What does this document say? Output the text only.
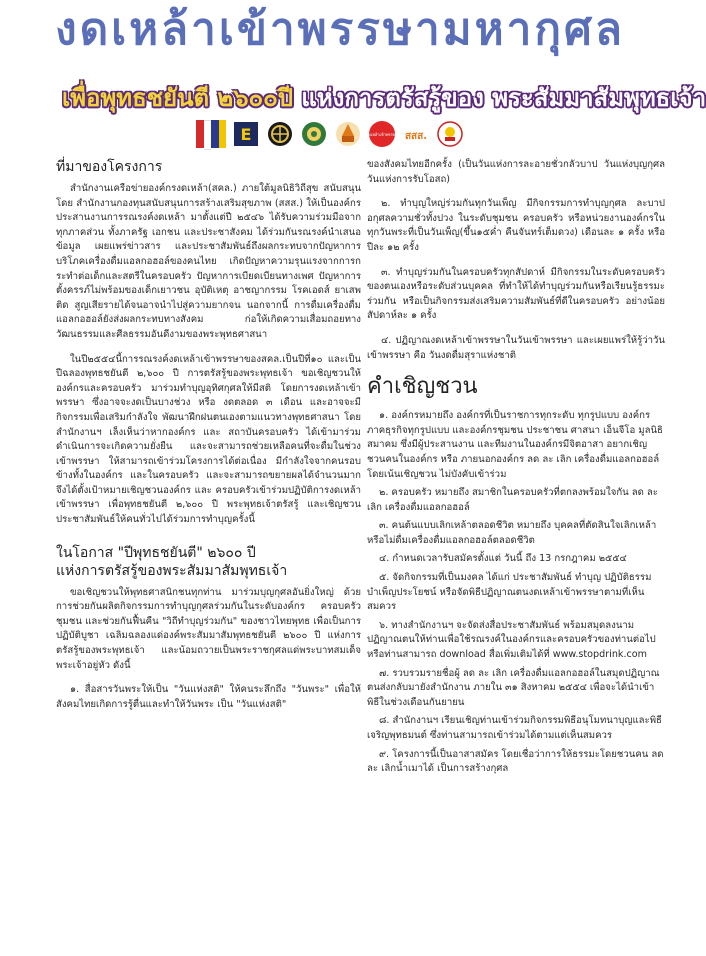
งดเหล้าเข้าพรรษามหากุศล
เพื่อพุทธชยันตี ๒๖๐๐ปี แห่งการตรัสรู้ของ พระสัมมาสัมพุทธเจ้า
E	งดเหล้าเข้าพรรษา สสส.
ที่มาของโครงการ

สำนักงานเครือข่ายองค์กรงดเหล้า(สคล.) ภายใต้มูลนิธิวิถีสุข สนับสนุนโดย สำนักงานกองทุนสนับสนุนการสร้างเสริมสุขภาพ (สสส.) ให้เป็นองค์กรประสานงานการรณรงค์งดเหล้า มาตั้งแต่ปี ๒๕๔๖ ได้รับความร่วมมือจากทุกภาคส่วน ทั้งภาครัฐ เอกชน และประชาสังคม ได้ร่วมกันรณรงค์นำเสนอข้อมูล เผยแพร่ข่าวสาร และประชาสัมพันธ์ถึงผลกระทบจากปัญหาการบริโภคเครื่องดื่มแอลกอฮอล์ของคนไทย เกิดปัญหาความรุนแรงจากการกระทำต่อเด็กและสตรีในครอบครัว ปัญหาการเบียดเบียนทางเพศ ปัญหาการตั้งครรภ์ไม่พร้อมของเด็กเยาวชน อุบัติเหตุ อาชญากรรม โรคเอดส์ ยาเสพติด สูญเสียรายได้จนอาจนำไปสู่ความยากจน นอกจากนี้ การดื่มเครื่องดื่มแอลกอฮอล์ยังส่งผลกระทบทางสังคม ก่อให้เกิดความเสื่อมถอยทางวัฒนธรรมและศีลธรรมอันดีงามของพระพุทธศาสนา

ในปี๒๕๕๔นี้การรณรงค์งดเหล้าเข้าพรรษาของสคล.เป็นปีที่๑๐ และเป็นปีฉลองพุทธชยันตี ๒,๖๐๐ ปี การตรัสรู้ของพระพุทธเจ้า ขอเชิญชวนให้องค์กรและครอบครัว มาร่วมทำบุญอุทิศกุศลให้มีสติ โดยการงดเหล้าเข้าพรรษา ซึ่งอาจจะงดเป็นบางช่วง หรือ งดตลอด ๓ เดือน และอาจจะมีกิจกรรมเพื่อเสริมกำลังใจ พัฒนาฝึกฝนตนเองตามแนวทางพุทธศาสนา โดยสำนักงานฯ เล็งเห็นว่าหากองค์กร และ สถาบันครอบครัว ได้เข้ามาร่วมดำเนินการจะเกิดความยั่งยืน และจะสามารถช่วยเหลือคนที่จะดื่มในช่วงเข้าพรรษา ให้สามารถเข้าร่วมโครงการได้ต่อเนื่อง มีกำลังใจจากคนรอบข้างทั้งในองค์กร และในครอบครัว และจะสามารถขยายผลได้จำนวนมาก จึงได้ตั้งเป้าหมายเชิญชวนองค์กร และ ครอบครัวเข้าร่วมปฏิบัติการงดเหล้าเข้าพรรษา เพื่อพุทธชยันตี ๒,๖๐๐ ปี พระพุทธเจ้าตรัสรู้ และเชิญชวนประชาสัมพันธ์ให้คนทั่วไปได้ร่วมการทำบุญครั้งนี้

ในโอกาส "ปีพุทธชยันตี" ๒๖๐๐ ปี
แห่งการตรัสรู้ของพระสัมมาสัมพุทธเจ้า

ขอเชิญชวนให้พุทธศาสนิกชนทุกท่าน มาร่วมบุญกุศลอันยิ่งใหญ่ ด้วยการช่วยกันผลิตกิจกรรมการทำบุญกุศลร่วมกันในระดับองค์กร ครอบครัว ชุมชน และช่วยกันฟื้นคืน "วิถีทำบุญร่วมกัน" ของชาวไทยพุทธ เพื่อเป็นการปฏิบัติบูชา เฉลิมฉลองแด่องค์พระสัมมาสัมพุทธชยันตี ๒๖๐๐ ปี แห่งการตรัสรู้ของพระพุทธเจ้า และน้อมถวายเป็นพระราชกุศลแด่พระบาทสมเด็จพระเจ้าอยู่หัว ดังนี้

๑. สื่อสารวันพระให้เป็น "วันแห่งสติ" ให้คนระลึกถึง "วันพระ" เพื่อให้สังคมไทยเกิดการรู้ตื่นและทำให้วันพระ เป็น "วันแห่งสติ"

ของสังคมไทยอีกครั้ง (เป็นวันแห่งการละอายชั่วกลัวบาป วันแห่งบุญกุศล วันแห่งการรับโอสถ)

๒. ทำบุญใหญ่ร่วมกันทุกวันเพ็ญ มีกิจกรรมการทำบุญกุศล ละบาป อกุศลความชั่วทั้งปวง ในระดับชุมชน ครอบครัว หรือหน่วยงานองค์กรในทุกวันพระที่เป็นวันเพ็ญ(ขึ้น๑๕ค่ำ คืนจันทร์เต็มดวง) เดือนละ ๑ ครั้ง หรือปีละ ๑๒ ครั้ง

๓. ทำบุญร่วมกันในครอบครัวทุกสัปดาห์ มีกิจกรรมในระดับครอบครัวของตนเองหรือระดับส่วนบุคคล ที่ทำให้ได้ทำบุญร่วมกันหรือเรียนรู้ธรรมะร่วมกัน หรือเป็นกิจกรรมส่งเสริมความสัมพันธ์ที่ดีในครอบครัว อย่างน้อยสัปดาห์ละ ๑ ครั้ง

๔. ปฏิญาณงดเหล้าเข้าพรรษาในวันเข้าพรรษา และเผยแพร่ให้รู้ว่าวันเข้าพรรษา คือ วันงดดื่มสุราแห่งชาติ

คำเชิญชวน

๑. องค์กรหมายถึง องค์กรที่เป็นราชการทุกระดับ ทุกรูปแบบ องค์กรภาคธุรกิจทุกรูปแบบ และองค์กรชุมชน ประชาชน ศาสนา เอ็นจีโอ มูลนิธิ สมาคม ซึ่งมีผู้ประสานงาน และทีมงานในองค์กรมีจิตอาสา อยากเชิญชวนคนในองค์กร หรือ ภายนอกองค์กร ลด ละ เลิก เครื่องดื่มแอลกอฮอล์โดยเน้นเชิญชวน ไม่บังคับเข้าร่วม

๒. ครอบครัว หมายถึง สมาชิกในครอบครัวที่ตกลงพร้อมใจกัน ลด ละ เลิก เครื่องดื่มแอลกอฮอล์

๓. คนต้นแบบเลิกเหล้าตลอดชีวิต หมายถึง บุคคลที่ตัดสินใจเลิกเหล้าหรือไม่ดื่มเครื่องดื่มแอลกอฮอล์ตลอดชีวิต

๔. กำหนดเวลารับสมัครตั้งแต่ วันนี้ ถึง 13 กรกฎาคม ๒๕๕๔

๕. จัดกิจกรรมที่เป็นมงคล ได้แก่ ประชาสัมพันธ์ ทำบุญ ปฏิบัติธรรม บำเพ็ญประโยชน์ หรือจัดพิธีปฏิญาณตนงดเหล้าเข้าพรรษาตามที่เห็นสมควร

๖. ทางสำนักงานฯ จะจัดส่งสื่อประชาสัมพันธ์ พร้อมสมุดลงนามปฏิญาณตนให้ท่านเพื่อใช้รณรงค์ในองค์กรและครอบครัวของท่านต่อไปหรือท่านสามารถ download สื่อเพิ่มเติมได้ที่ www.stopdrink.com

๗. รวบรวมรายชื่อผู้ ลด ละ เลิก เครื่องดื่มแอลกอฮอล์ในสมุดปฏิญาณตนส่งกลับมายังสำนักงาน ภายใน ๓๑ สิงหาคม ๒๕๕๔ เพื่อจะได้นำเข้าพิธีในช่วงเดือนกันยายน

๘. สำนักงานฯ เรียนเชิญท่านเข้าร่วมกิจกรรมพิธีอนุโมทนาบุญและพิธีเจริญพุทธมนต์ ซึ่งท่านสามารถเข้าร่วมได้ตามแต่เห็นสมควร

๙. โครงการนี้เป็นอาสาสมัคร โดยเชื่อว่าการให้ธรรมะโดยชวนคน ลด ละ เลิกน้ำเมาได้ เป็นการสร้างกุศล
